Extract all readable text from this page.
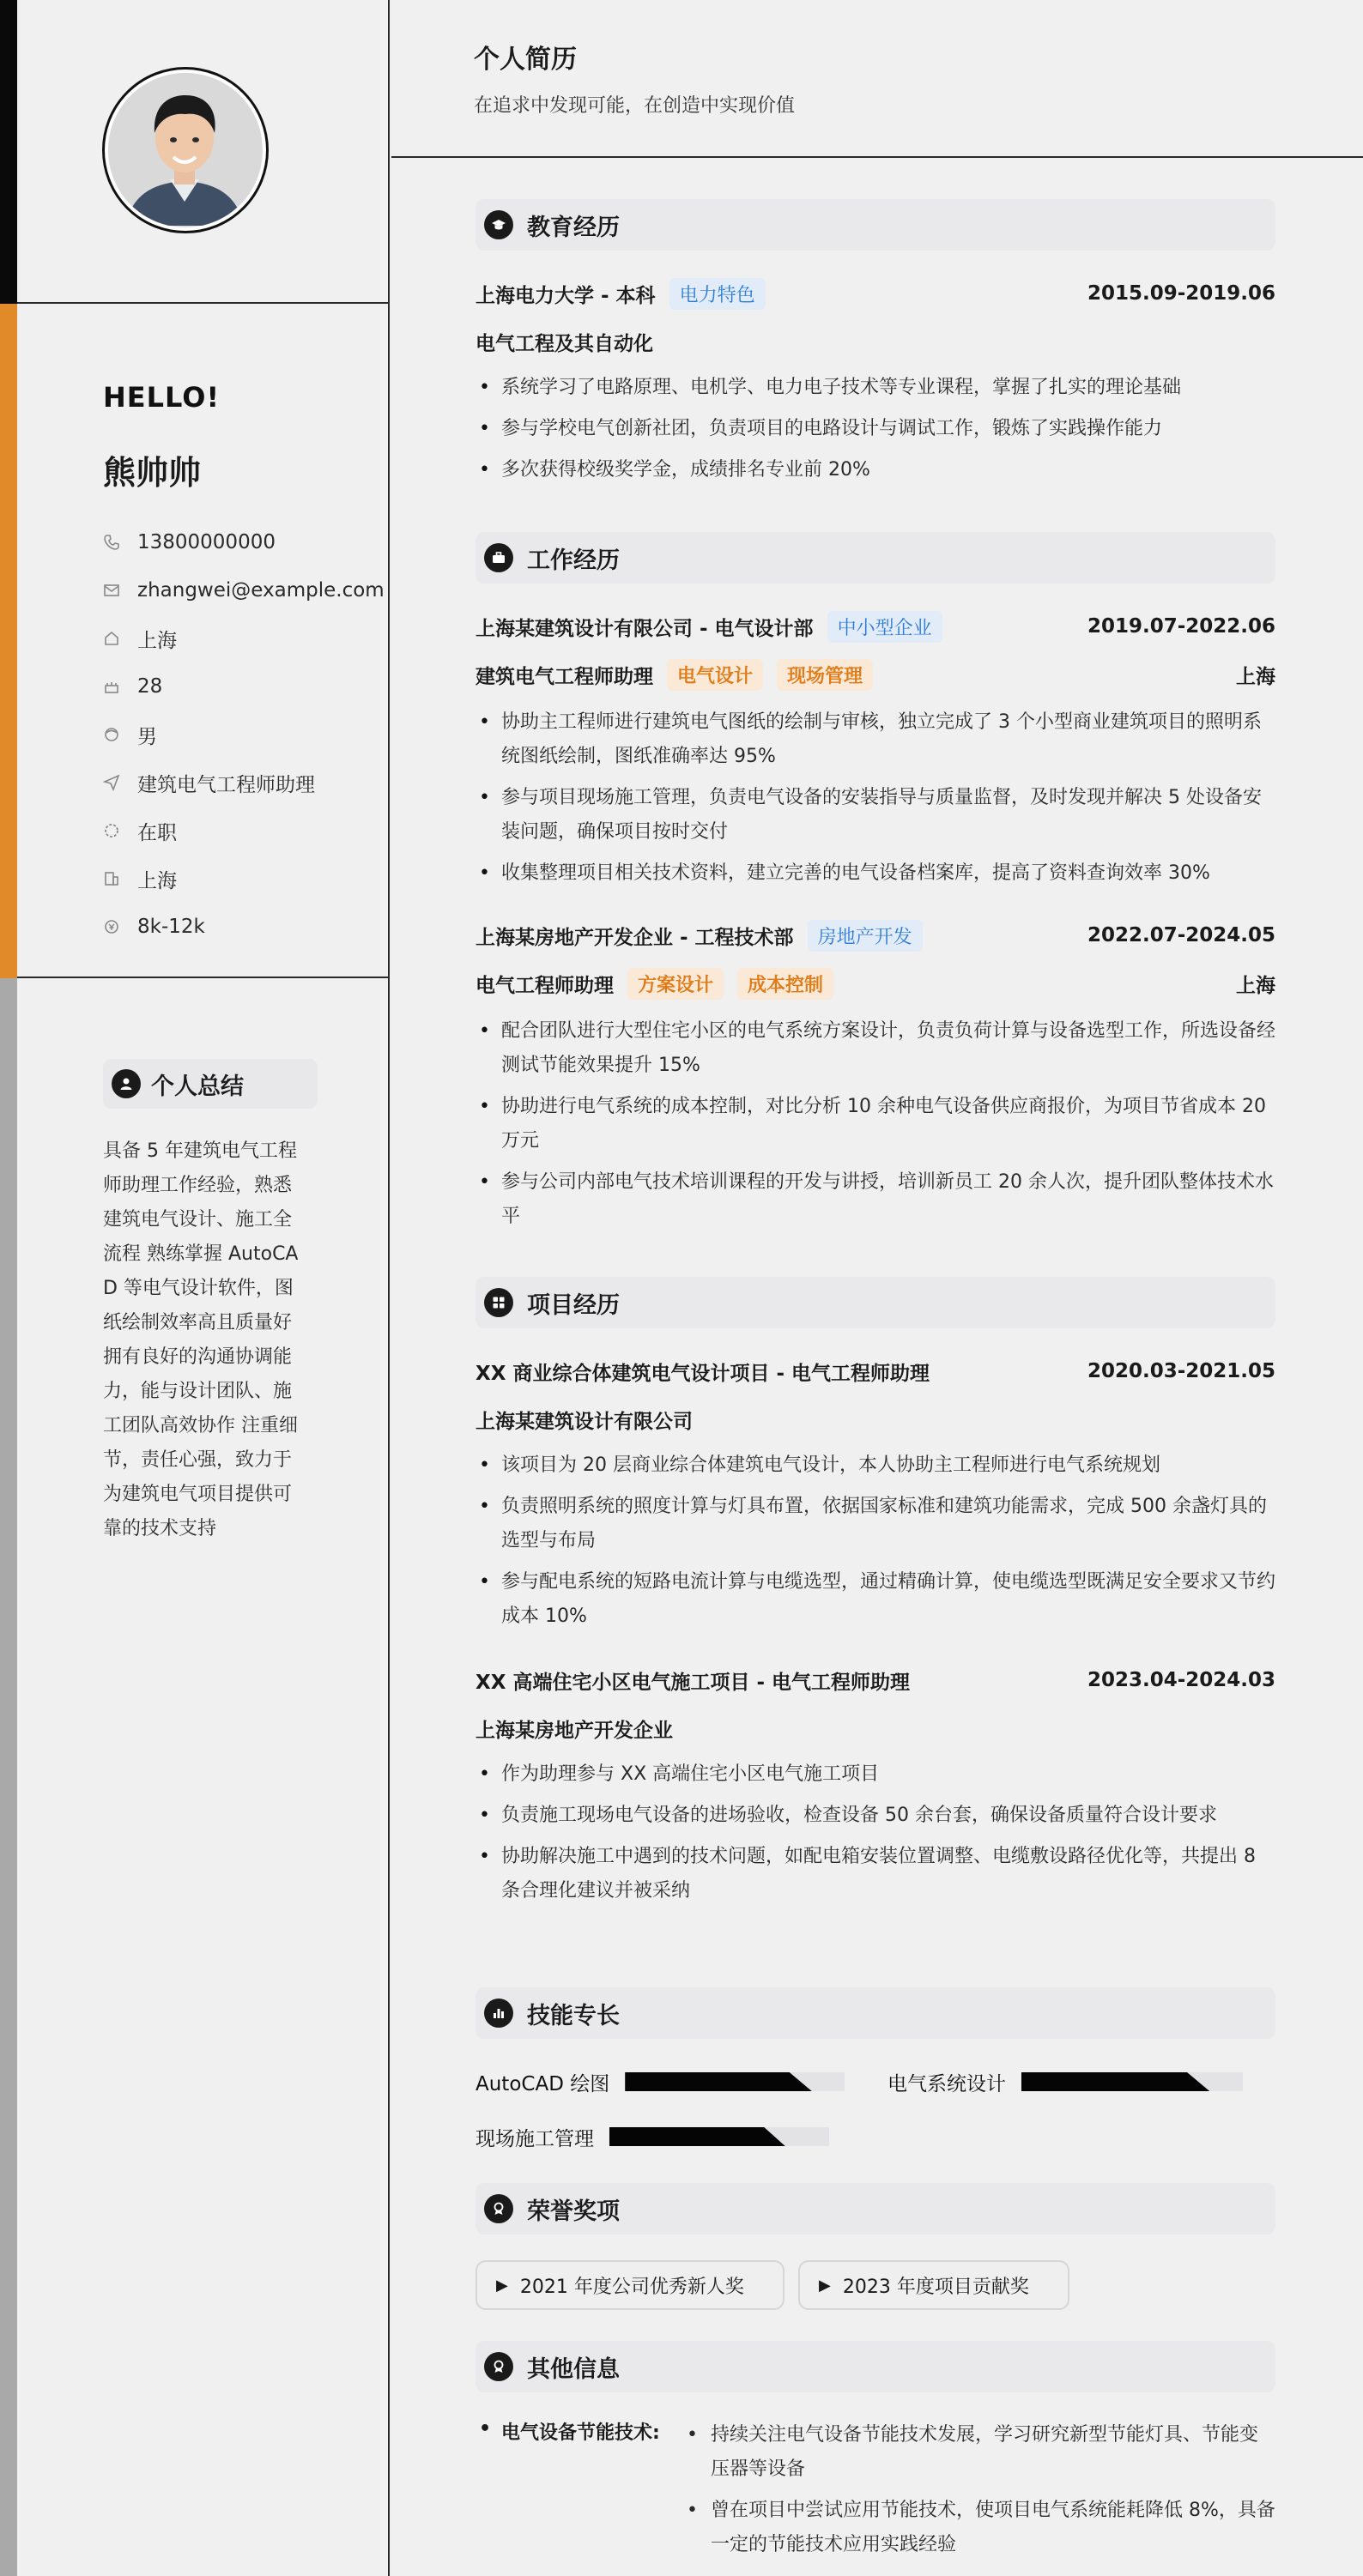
HELLO!
熊帅帅
13800000000
zhangwei@example.com
上海
28
男
建筑电气工程师助理
在职
上海
8k-12k
个人总结
具备 5 年建筑电气工程师助理工作经验，熟悉建筑电气设计、施工全流程 熟练掌握 AutoCAD 等电气设计软件，图纸绘制效率高且质量好 拥有良好的沟通协调能力，能与设计团队、施工团队高效协作 注重细节，责任心强，致力于为建筑电气项目提供可靠的技术支持
个人简历
在追求中发现可能，在创造中实现价值
教育经历
上海电力大学 - 本科	电力特色	2015.09-2019.06
电气工程及其自动化
• 系统学习了电路原理、电机学、电力电子技术等专业课程，掌握了扎实的理论基础
• 参与学校电气创新社团，负责项目的电路设计与调试工作，锻炼了实践操作能力
• 多次获得校级奖学金，成绩排名专业前 20%
工作经历
上海某建筑设计有限公司 - 电气设计部	中小型企业	2019.07-2022.06
建筑电气工程师助理	电气设计	现场管理	上海
• 协助主工程师进行建筑电气图纸的绘制与审核，独立完成了 3 个小型商业建筑项目的照明系统图纸绘制，图纸准确率达 95%
• 参与项目现场施工管理，负责电气设备的安装指导与质量监督，及时发现并解决 5 处设备安装问题，确保项目按时交付
• 收集整理项目相关技术资料，建立完善的电气设备档案库，提高了资料查询效率 30%
上海某房地产开发企业 - 工程技术部	房地产开发	2022.07-2024.05
电气工程师助理	方案设计	成本控制	上海
• 配合团队进行大型住宅小区的电气系统方案设计，负责负荷计算与设备选型工作，所选设备经测试节能效果提升 15%
• 协助进行电气系统的成本控制，对比分析 10 余种电气设备供应商报价，为项目节省成本 20 万元
• 参与公司内部电气技术培训课程的开发与讲授，培训新员工 20 余人次，提升团队整体技术水平
项目经历
XX 商业综合体建筑电气设计项目 - 电气工程师助理	2020.03-2021.05
上海某建筑设计有限公司
• 该项目为 20 层商业综合体建筑电气设计，本人协助主工程师进行电气系统规划
• 负责照明系统的照度计算与灯具布置，依据国家标准和建筑功能需求，完成 500 余盏灯具的选型与布局
• 参与配电系统的短路电流计算与电缆选型，通过精确计算，使电缆选型既满足安全要求又节约成本 10%
XX 高端住宅小区电气施工项目 - 电气工程师助理	2023.04-2024.03
上海某房地产开发企业
• 作为助理参与 XX 高端住宅小区电气施工项目
• 负责施工现场电气设备的进场验收，检查设备 50 余台套，确保设备质量符合设计要求
• 协助解决施工中遇到的技术问题，如配电箱安装位置调整、电缆敷设路径优化等，共提出 8 条合理化建议并被采纳
技能专长
AutoCAD 绘图	电气系统设计
现场施工管理
荣誉奖项
▶ 2021 年度公司优秀新人奖	▶ 2023 年度项目贡献奖
其他信息
• 电气设备节能技术:
•	持续关注电气设备节能技术发展，学习研究新型节能灯具、节能变压器等设备
• 曾在项目中尝试应用节能技术，使项目电气系统能耗降低 8%，具备一定的节能技术应用实践经验
